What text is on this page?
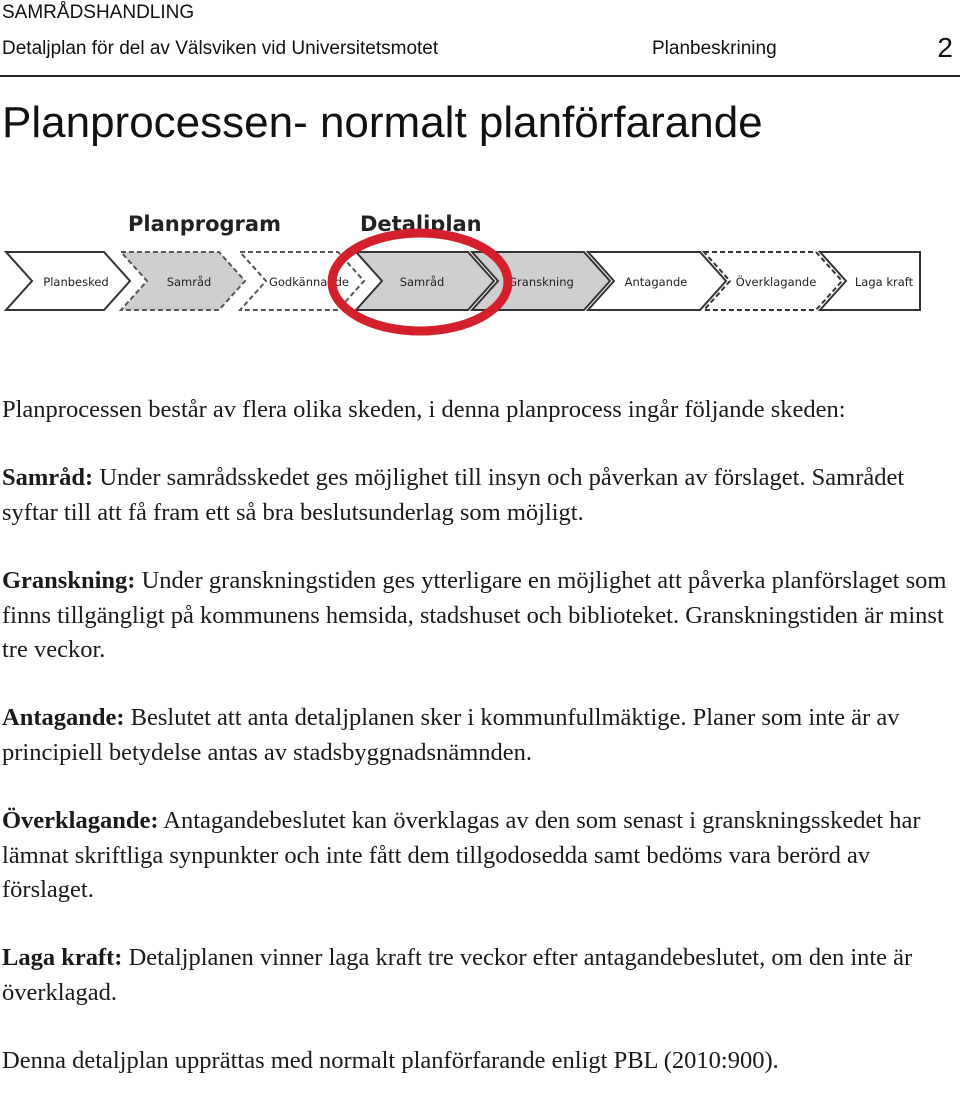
SAMRÅDSHANDLING
Detaljplan för del av Välsviken vid Universitetsmotet	Planbeskrining	2
Planprocessen- normalt planförfarande
Planprogram	Detaljplan
Planbesked	Samråd	Godkännande	Samråd	Granskning	Antagande	Överklagande	Laga kraft

Planprocessen består av flera olika skeden, i denna planprocess ingår följande skeden:

Samråd: Under samrådsskedet ges möjlighet till insyn och påverkan av förslaget. Samrådet syftar till att få fram ett så bra beslutsunderlag som möjligt.

Granskning: Under granskningstiden ges ytterligare en möjlighet att påverka planförslaget som finns tillgängligt på kommunens hemsida, stadshuset och biblioteket. Granskningstiden är minst tre veckor.

Antagande: Beslutet att anta detaljplanen sker i kommunfullmäktige. Planer som inte är av principiell betydelse antas av stadsbyggnadsnämnden.

Överklagande: Antagandebeslutet kan överklagas av den som senast i granskningsskedet har lämnat skriftliga synpunkter och inte fått dem tillgodosedda samt bedöms vara berörd av förslaget.

Laga kraft: Detaljplanen vinner laga kraft tre veckor efter antagandebeslutet, om den inte är överklagad.

Denna detaljplan upprättas med normalt planförfarande enligt PBL (2010:900).
